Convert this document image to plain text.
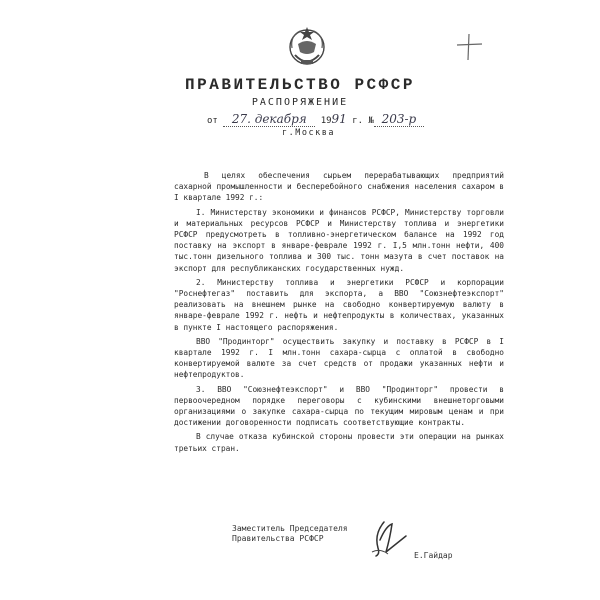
ПРАВИТЕЛЬСТВО РСФСР
РАСПОРЯЖЕНИЕ
от 27. декабря 1991 г. № 203-р
г.Москва

В целях обеспечения сырьем перерабатывающих предприятий сахарной промышленности и бесперебойного снабжения населения сахаром в I квартале 1992 г.:

I. Министерству экономики и финансов РСФСР, Министерству торговли и материальных ресурсов РСФСР и Министерству топлива и энергетики РСФСР предусмотреть в топливно-энергетическом балансе на 1992 год поставку на экспорт в январе-феврале 1992 г. I,5 млн.тонн нефти, 400 тыс.тонн дизельного топлива и 300 тыс. тонн мазута в счет поставок на экспорт для республиканских государственных нужд.

2. Министерству топлива и энергетики РСФСР и корпорации "Роснефтегаз" поставить для экспорта, а ВВО "Союзнефтеэкспорт" реализовать на внешнем рынке на свободно конвертируемую валюту в январе-феврале 1992 г. нефть и нефтепродукты в количествах, указанных в пункте I настоящего распоряжения.

ВВО "Продинторг" осуществить закупку и поставку в РСФСР в I квартале 1992 г. I млн.тонн сахара-сырца с оплатой в свободно конвертируемой валюте за счет средств от продажи указанных нефти и нефтепродуктов.

3. ВВО "Союзнефтеэкспорт" и ВВО "Продинторг" провести в первоочередном порядке переговоры с кубинскими внешнеторговыми организациями о закупке сахара-сырца по текущим мировым ценам и при достижении договоренности подписать соответствующие контракты.

В случае отказа кубинской стороны провести эти операции на рынках третьих стран.

Заместитель Председателя
Правительства РСФСР
Е.Гайдар
